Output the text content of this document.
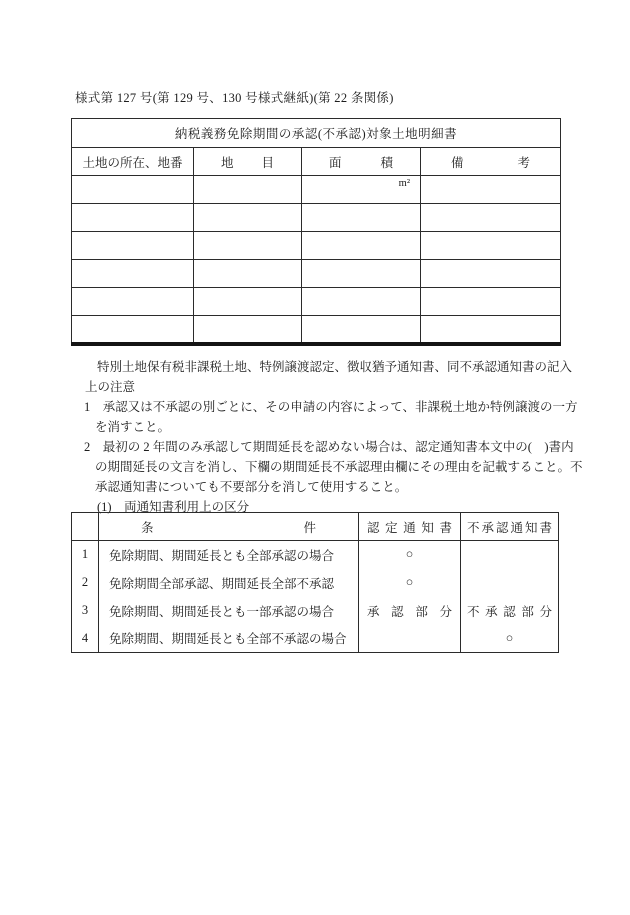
様式第 127 号(第 129 号、130 号様式継紙)(第 22 条関係)
納税義務免除期間の承認(不承認)対象土地明細書			
土地の所在、地番	地目	面積	備考
		m²	

特別土地保有税非課税土地、特例譲渡認定、徴収猶予通知書、同不承認通知書の記入
上の注意
1　承認又は不承認の別ごとに、その申請の内容によって、非課税土地か特例譲渡の一方
を消すこと。
2　最初の 2 年間のみ承認して期間延長を認めない場合は、認定通知書本文中の(　)書内
の期間延長の文言を消し、下欄の期間延長不承認理由欄にその理由を記載すること。不
承認通知書についても不要部分を消して使用すること。
(1)　両通知書利用上の区分
	条件	認定通知書	不承認通知書
1	免除期間、期間延長とも全部承認の場合	○	
2	免除期間全部承認、期間延長全部不承認	○	
3	免除期間、期間延長とも一部承認の場合	承認部分	不承認部分
4	免除期間、期間延長とも全部不承認の場合		○
